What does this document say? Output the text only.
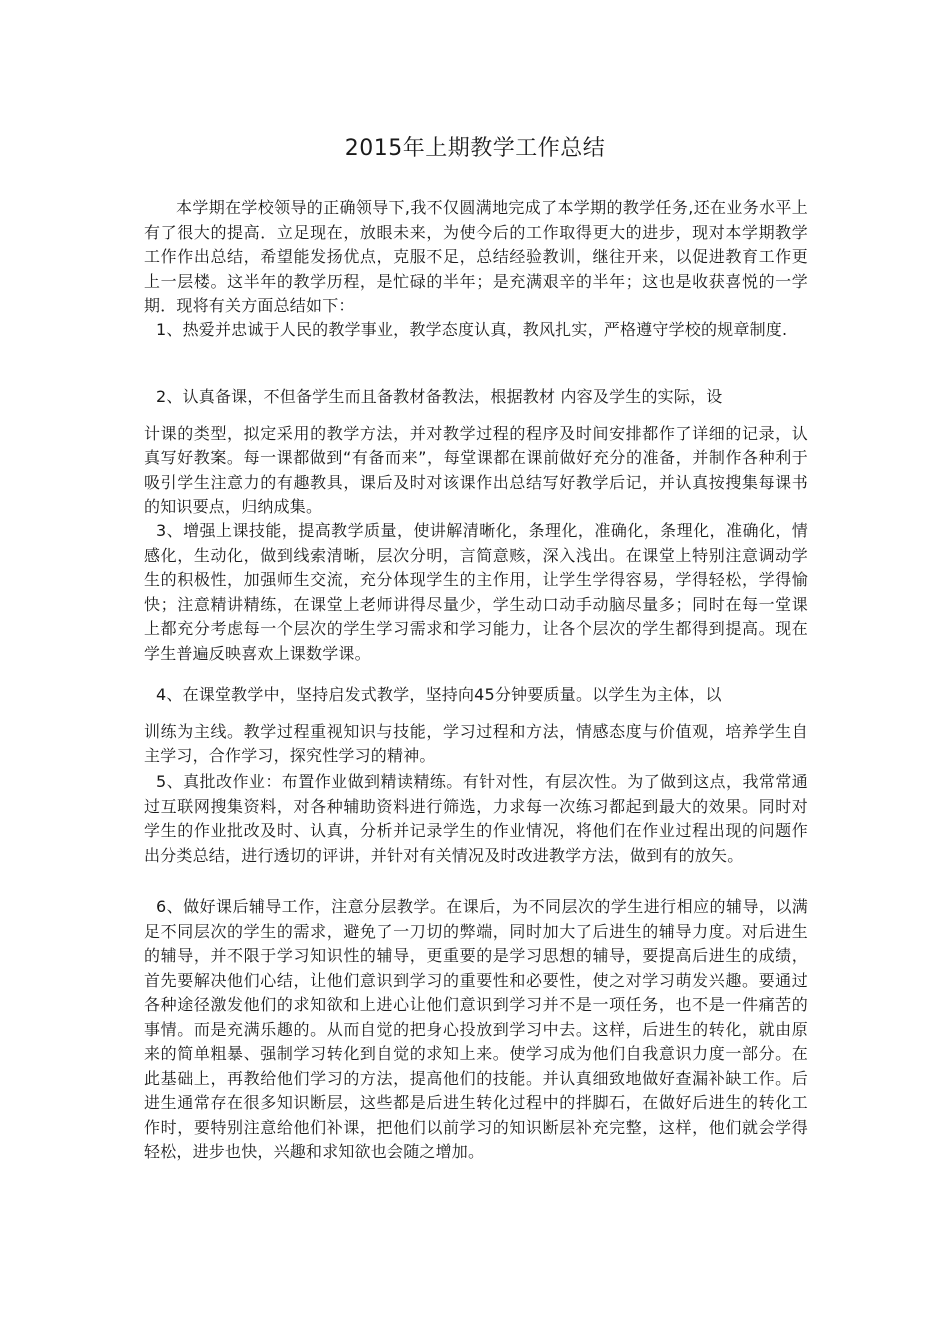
2015年上期教学工作总结

本学期在学校领导的正确领导下,我不仅圆满地完成了本学期的教学任务,还在业务水平上有了很大的提高．立足现在，放眼未来，为使今后的工作取得更大的进步，现对本学期教学工作作出总结，希望能发扬优点，克服不足，总结经验教训，继往开来，以促进教育工作更上一层楼。这半年的教学历程，是忙碌的半年；是充满艰辛的半年；这也是收获喜悦的一学期．现将有关方面总结如下：

1、热爱并忠诚于人民的教学事业，教学态度认真，教风扎实，严格遵守学校的规章制度.

2、认真备课，不但备学生而且备教材备教法，根据教材 内容及学生的实际，设
计课的类型，拟定采用的教学方法，并对教学过程的程序及时间安排都作了详细的记录，认真写好教案。每一课都做到“有备而来”，每堂课都在课前做好充分的准备，并制作各种利于吸引学生注意力的有趣教具，课后及时对该课作出总结写好教学后记，并认真按搜集每课书的知识要点，归纳成集。

3、增强上课技能，提高教学质量，使讲解清晰化，条理化，准确化，条理化，准确化，情感化，生动化，做到线索清晰，层次分明，言简意赅，深入浅出。在课堂上特别注意调动学生的积极性，加强师生交流，充分体现学生的主作用，让学生学得容易，学得轻松，学得愉快；注意精讲精练，在课堂上老师讲得尽量少，学生动口动手动脑尽量多；同时在每一堂课上都充分考虑每一个层次的学生学习需求和学习能力，让各个层次的学生都得到提高。现在学生普遍反映喜欢上课数学课。

4、在课堂教学中，坚持启发式教学，坚持向45分钟要质量。以学生为主体，以
训练为主线。教学过程重视知识与技能，学习过程和方法，情感态度与价值观，培养学生自主学习，合作学习，探究性学习的精神。

5、真批改作业：布置作业做到精读精练。有针对性，有层次性。为了做到这点，我常常通过互联网搜集资料，对各种辅助资料进行筛选，力求每一次练习都起到最大的效果。同时对学生的作业批改及时、认真，分析并记录学生的作业情况，将他们在作业过程出现的问题作出分类总结，进行透切的评讲，并针对有关情况及时改进教学方法，做到有的放矢。

6、做好课后辅导工作，注意分层教学。在课后，为不同层次的学生进行相应的辅导，以满足不同层次的学生的需求，避免了一刀切的弊端，同时加大了后进生的辅导力度。对后进生的辅导，并不限于学习知识性的辅导，更重要的是学习思想的辅导，要提高后进生的成绩，首先要解决他们心结，让他们意识到学习的重要性和必要性，使之对学习萌发兴趣。要通过各种途径激发他们的求知欲和上进心让他们意识到学习并不是一项任务，也不是一件痛苦的事情。而是充满乐趣的。从而自觉的把身心投放到学习中去。这样，后进生的转化，就由原来的简单粗暴、强制学习转化到自觉的求知上来。使学习成为他们自我意识力度一部分。在此基础上，再教给他们学习的方法，提高他们的技能。并认真细致地做好查漏补缺工作。后进生通常存在很多知识断层，这些都是后进生转化过程中的拌脚石，在做好后进生的转化工作时，要特别注意给他们补课，把他们以前学习的知识断层补充完整，这样，他们就会学得轻松，进步也快，兴趣和求知欲也会随之增加。
